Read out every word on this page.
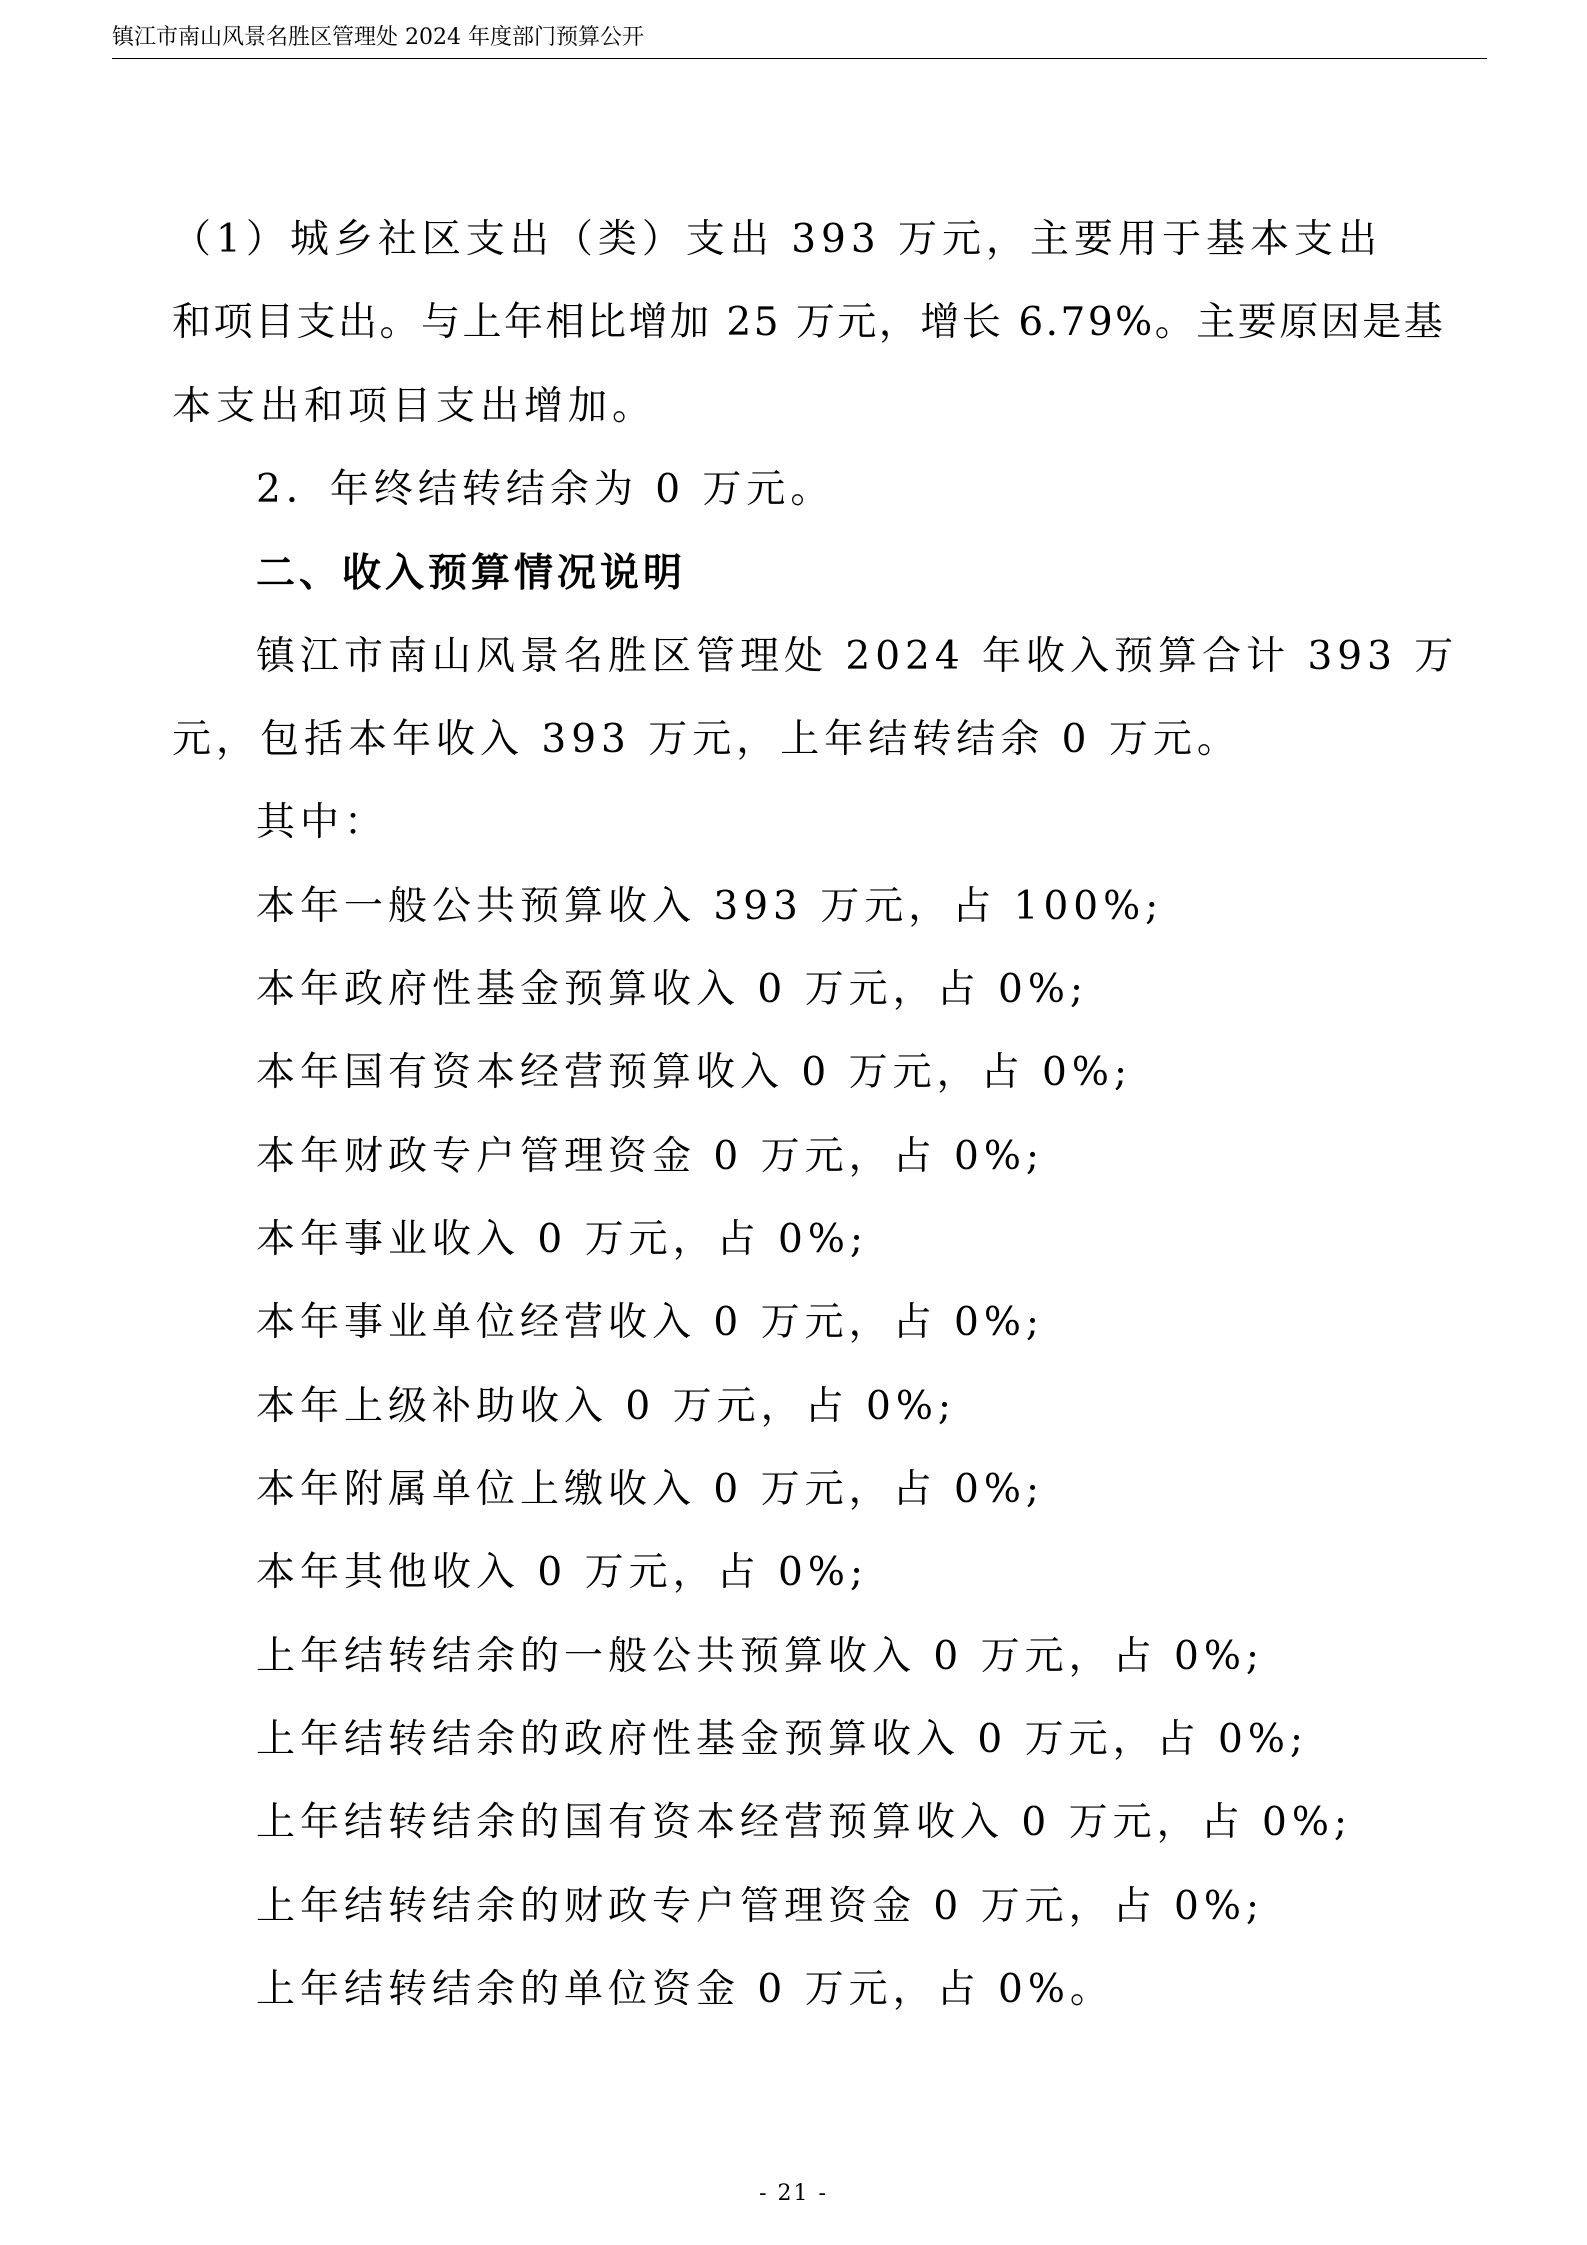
镇江市南山风景名胜区管理处 2024 年度部门预算公开
（1）城乡社区支出（类）支出 393 万元，主要用于基本支出
和项目支出。与上年相比增加 25 万元，增长 6.79%。主要原因是基
本支出和项目支出增加。
2．年终结转结余为 0 万元。
二、收入预算情况说明
镇江市南山风景名胜区管理处 2024 年收入预算合计 393 万
元，包括本年收入 393 万元，上年结转结余 0 万元。
其中：
本年一般公共预算收入 393 万元，占 100%;
本年政府性基金预算收入 0 万元，占 0%;
本年国有资本经营预算收入 0 万元，占 0%;
本年财政专户管理资金 0 万元，占 0%;
本年事业收入 0 万元，占 0%;
本年事业单位经营收入 0 万元，占 0%;
本年上级补助收入 0 万元，占 0%;
本年附属单位上缴收入 0 万元，占 0%;
本年其他收入 0 万元，占 0%;
上年结转结余的一般公共预算收入 0 万元，占 0%;
上年结转结余的政府性基金预算收入 0 万元，占 0%;
上年结转结余的国有资本经营预算收入 0 万元，占 0%;
上年结转结余的财政专户管理资金 0 万元，占 0%;
上年结转结余的单位资金 0 万元，占 0%。
- 21 -
